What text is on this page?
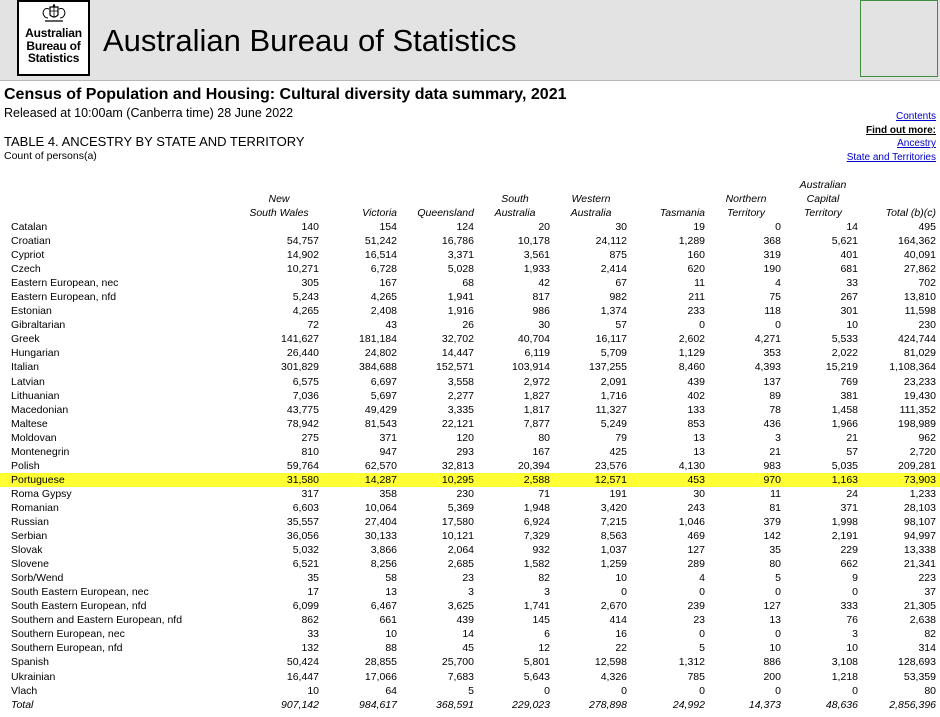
Australian
Bureau of
Statistics Australian Bureau of Statistics
Census of Population and Housing: Cultural diversity data summary, 2021
Released at 10:00am (Canberra time) 28 June 2022
TABLE 4. ANCESTRY BY STATE AND TERRITORY
Count of persons(a)
Contents
Find out more:
Ancestry
State and Territories
New
South Wales	Victoria	Queensland
South
Australia
Western
Australia	Tasmania
Northern
Territory
Australian
Capital
Territory	Total (b)(c)
Catalan	140	154	124	20	30	19	0	14	495
Croatian	54,757	51,242	16,786	10,178	24,112	1,289	368	5,621	164,362
Cypriot	14,902	16,514	3,371	3,561	875	160	319	401	40,091
Czech	10,271	6,728	5,028	1,933	2,414	620	190	681	27,862
Eastern European, nec	305	167	68	42	67	11	4	33	702
Eastern European, nfd	5,243	4,265	1,941	817	982	211	75	267	13,810
Estonian	4,265	2,408	1,916	986	1,374	233	118	301	11,598
Gibraltarian	72	43	26	30	57	0	0	10	230
Greek	141,627	181,184	32,702	40,704	16,117	2,602	4,271	5,533	424,744
Hungarian	26,440	24,802	14,447	6,119	5,709	1,129	353	2,022	81,029
Italian	301,829	384,688	152,571	103,914	137,255	8,460	4,393	15,219	1,108,364
Latvian	6,575	6,697	3,558	2,972	2,091	439	137	769	23,233
Lithuanian	7,036	5,697	2,277	1,827	1,716	402	89	381	19,430
Macedonian	43,775	49,429	3,335	1,817	11,327	133	78	1,458	111,352
Maltese	78,942	81,543	22,121	7,877	5,249	853	436	1,966	198,989
Moldovan	275	371	120	80	79	13	3	21	962
Montenegrin	810	947	293	167	425	13	21	57	2,720
Polish	59,764	62,570	32,813	20,394	23,576	4,130	983	5,035	209,281
Portuguese	31,580	14,287	10,295	2,588	12,571	453	970	1,163	73,903
Roma Gypsy	317	358	230	71	191	30	11	24	1,233
Romanian	6,603	10,064	5,369	1,948	3,420	243	81	371	28,103
Russian	35,557	27,404	17,580	6,924	7,215	1,046	379	1,998	98,107
Serbian	36,056	30,133	10,121	7,329	8,563	469	142	2,191	94,997
Slovak	5,032	3,866	2,064	932	1,037	127	35	229	13,338
Slovene	6,521	8,256	2,685	1,582	1,259	289	80	662	21,341
Sorb/Wend	35	58	23	82	10	4	5	9	223
South Eastern European, nec	17	13	3	3	0	0	0	0	37
South Eastern European, nfd	6,099	6,467	3,625	1,741	2,670	239	127	333	21,305
Southern and Eastern European, nfd	862	661	439	145	414	23	13	76	2,638
Southern European, nec	33	10	14	6	16	0	0	3	82
Southern European, nfd	132	88	45	12	22	5	10	10	314
Spanish	50,424	28,855	25,700	5,801	12,598	1,312	886	3,108	128,693
Ukrainian	16,447	17,066	7,683	5,643	4,326	785	200	1,218	53,359
Vlach	10	64	5	0	0	0	0	0	80
Total	907,142	984,617	368,591	229,023	278,898	24,992	14,373	48,636	2,856,396
